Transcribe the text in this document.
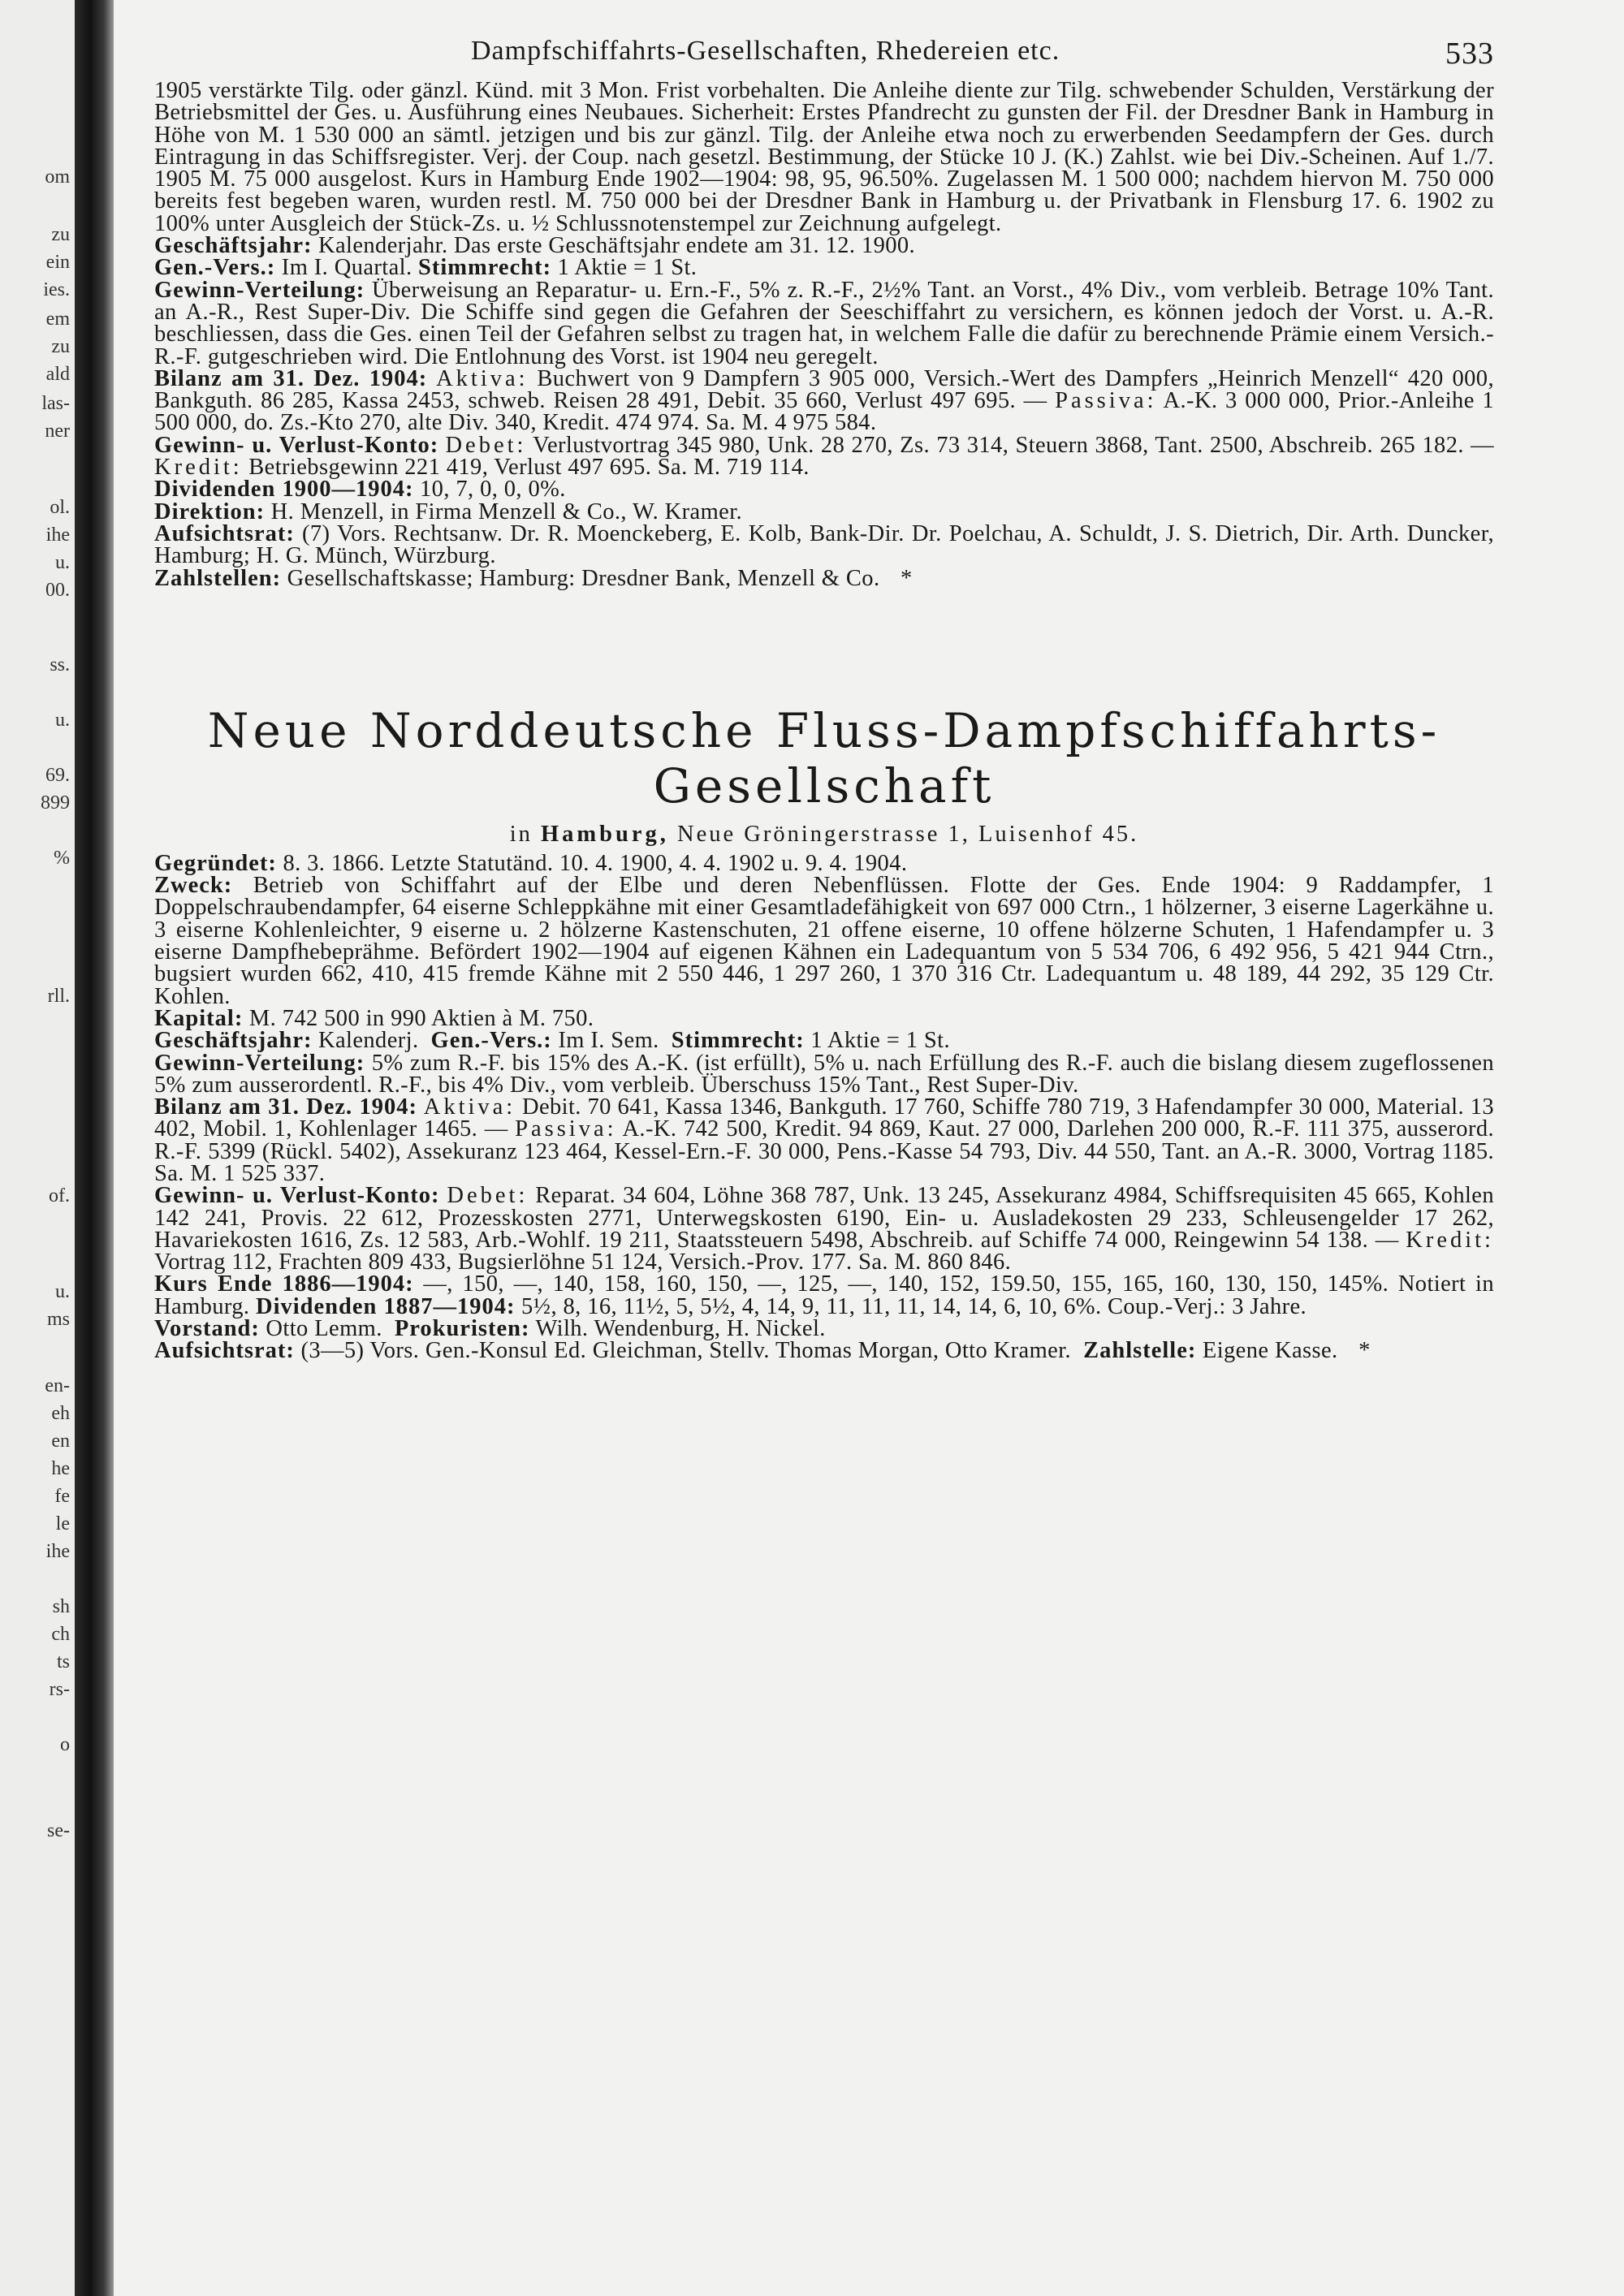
om
zu
ein
ies.
em
zu
ald
las-
ner
ol.
ihe
u.
00.
ss.
u.
69.
899
%
rll.
of.
u.
ms
en-
eh
en
he
fe
le
ihe
sh
ch
ts
rs-
o
se-
Dampfschiffahrts-Gesellschaften, Rhedereien etc.	533

1905 verstärkte Tilg. oder gänzl. Künd. mit 3 Mon. Frist vorbehalten. Die Anleihe diente zur Tilg. schwebender Schulden, Verstärkung der Betriebsmittel der Ges. u. Ausführung eines Neubaues. Sicherheit: Erstes Pfandrecht zu gunsten der Fil. der Dresdner Bank in Hamburg in Höhe von M. 1 530 000 an sämtl. jetzigen und bis zur gänzl. Tilg. der Anleihe etwa noch zu erwerbenden Seedampfern der Ges. durch Eintragung in das Schiffsregister. Verj. der Coup. nach gesetzl. Bestimmung, der Stücke 10 J. (K.) Zahlst. wie bei Div.-Scheinen. Auf 1./7. 1905 M. 75 000 ausgelost. Kurs in Hamburg Ende 1902—1904: 98, 95, 96.50%. Zugelassen M. 1 500 000; nachdem hiervon M. 750 000 bereits fest begeben waren, wurden restl. M. 750 000 bei der Dresdner Bank in Hamburg u. der Privatbank in Flensburg 17. 6. 1902 zu 100% unter Ausgleich der Stück-Zs. u. ½ Schlussnotenstempel zur Zeichnung aufgelegt.

Geschäftsjahr: Kalenderjahr. Das erste Geschäftsjahr endete am 31. 12. 1900.

Gen.-Vers.: Im I. Quartal. Stimmrecht: 1 Aktie = 1 St.

Gewinn-Verteilung: Überweisung an Reparatur- u. Ern.-F., 5% z. R.-F., 2½% Tant. an Vorst., 4% Div., vom verbleib. Betrage 10% Tant. an A.-R., Rest Super-Div. Die Schiffe sind gegen die Gefahren der Seeschiffahrt zu versichern, es können jedoch der Vorst. u. A.-R. beschliessen, dass die Ges. einen Teil der Gefahren selbst zu tragen hat, in welchem Falle die dafür zu berechnende Prämie einem Versich.-R.-F. gutgeschrieben wird. Die Entlohnung des Vorst. ist 1904 neu geregelt.

Bilanz am 31. Dez. 1904: Aktiva: Buchwert von 9 Dampfern 3 905 000, Versich.-Wert des Dampfers „Heinrich Menzell“ 420 000, Bankguth. 86 285, Kassa 2453, schweb. Reisen 28 491, Debit. 35 660, Verlust 497 695. — Passiva: A.-K. 3 000 000, Prior.-Anleihe 1 500 000, do. Zs.-Kto 270, alte Div. 340, Kredit. 474 974. Sa. M. 4 975 584.

Gewinn- u. Verlust-Konto: Debet: Verlustvortrag 345 980, Unk. 28 270, Zs. 73 314, Steuern 3868, Tant. 2500, Abschreib. 265 182. — Kredit: Betriebsgewinn 221 419, Verlust 497 695. Sa. M. 719 114.

Dividenden 1900—1904: 10, 7, 0, 0, 0%.

Direktion: H. Menzell, in Firma Menzell & Co., W. Kramer.

Aufsichtsrat: (7) Vors. Rechtsanw. Dr. R. Moenckeberg, E. Kolb, Bank-Dir. Dr. Poelchau, A. Schuldt, J. S. Dietrich, Dir. Arth. Duncker, Hamburg; H. G. Münch, Würzburg.

Zahlstellen: Gesellschaftskasse; Hamburg: Dresdner Bank, Menzell & Co. *

Neue Norddeutsche Fluss-Dampfschiffahrts-Gesellschaft

in Hamburg, Neue Gröningerstrasse 1, Luisenhof 45.

Gegründet: 8. 3. 1866. Letzte Statutänd. 10. 4. 1900, 4. 4. 1902 u. 9. 4. 1904.

Zweck: Betrieb von Schiffahrt auf der Elbe und deren Nebenflüssen. Flotte der Ges. Ende 1904: 9 Raddampfer, 1 Doppelschraubendampfer, 64 eiserne Schleppkähne mit einer Gesamtladefähigkeit von 697 000 Ctrn., 1 hölzerner, 3 eiserne Lagerkähne u. 3 eiserne Kohlenleichter, 9 eiserne u. 2 hölzerne Kastenschuten, 21 offene eiserne, 10 offene hölzerne Schuten, 1 Hafendampfer u. 3 eiserne Dampfhebeprähme. Befördert 1902—1904 auf eigenen Kähnen ein Ladequantum von 5 534 706, 6 492 956, 5 421 944 Ctrn., bugsiert wurden 662, 410, 415 fremde Kähne mit 2 550 446, 1 297 260, 1 370 316 Ctr. Ladequantum u. 48 189, 44 292, 35 129 Ctr. Kohlen.

Kapital: M. 742 500 in 990 Aktien à M. 750.

Geschäftsjahr: Kalenderj. Gen.-Vers.: Im I. Sem. Stimmrecht: 1 Aktie = 1 St.

Gewinn-Verteilung: 5% zum R.-F. bis 15% des A.-K. (ist erfüllt), 5% u. nach Erfüllung des R.-F. auch die bislang diesem zugeflossenen 5% zum ausserordentl. R.-F., bis 4% Div., vom verbleib. Überschuss 15% Tant., Rest Super-Div.

Bilanz am 31. Dez. 1904: Aktiva: Debit. 70 641, Kassa 1346, Bankguth. 17 760, Schiffe 780 719, 3 Hafendampfer 30 000, Material. 13 402, Mobil. 1, Kohlenlager 1465. — Passiva: A.-K. 742 500, Kredit. 94 869, Kaut. 27 000, Darlehen 200 000, R.-F. 111 375, ausserord. R.-F. 5399 (Rückl. 5402), Assekuranz 123 464, Kessel-Ern.-F. 30 000, Pens.-Kasse 54 793, Div. 44 550, Tant. an A.-R. 3000, Vortrag 1185. Sa. M. 1 525 337.

Gewinn- u. Verlust-Konto: Debet: Reparat. 34 604, Löhne 368 787, Unk. 13 245, Assekuranz 4984, Schiffsrequisiten 45 665, Kohlen 142 241, Provis. 22 612, Prozesskosten 2771, Unterwegskosten 6190, Ein- u. Ausladekosten 29 233, Schleusengelder 17 262, Havariekosten 1616, Zs. 12 583, Arb.-Wohlf. 19 211, Staatssteuern 5498, Abschreib. auf Schiffe 74 000, Reingewinn 54 138. — Kredit: Vortrag 112, Frachten 809 433, Bugsierlöhne 51 124, Versich.-Prov. 177. Sa. M. 860 846.

Kurs Ende 1886—1904: —, 150, —, 140, 158, 160, 150, —, 125, —, 140, 152, 159.50, 155, 165, 160, 130, 150, 145%. Notiert in Hamburg. Dividenden 1887—1904: 5½, 8, 16, 11½, 5, 5½, 4, 14, 9, 11, 11, 11, 14, 14, 6, 10, 6%. Coup.-Verj.: 3 Jahre.

Vorstand: Otto Lemm. Prokuristen: Wilh. Wendenburg, H. Nickel.

Aufsichtsrat: (3—5) Vors. Gen.-Konsul Ed. Gleichman, Stellv. Thomas Morgan, Otto Kramer. Zahlstelle: Eigene Kasse. *
